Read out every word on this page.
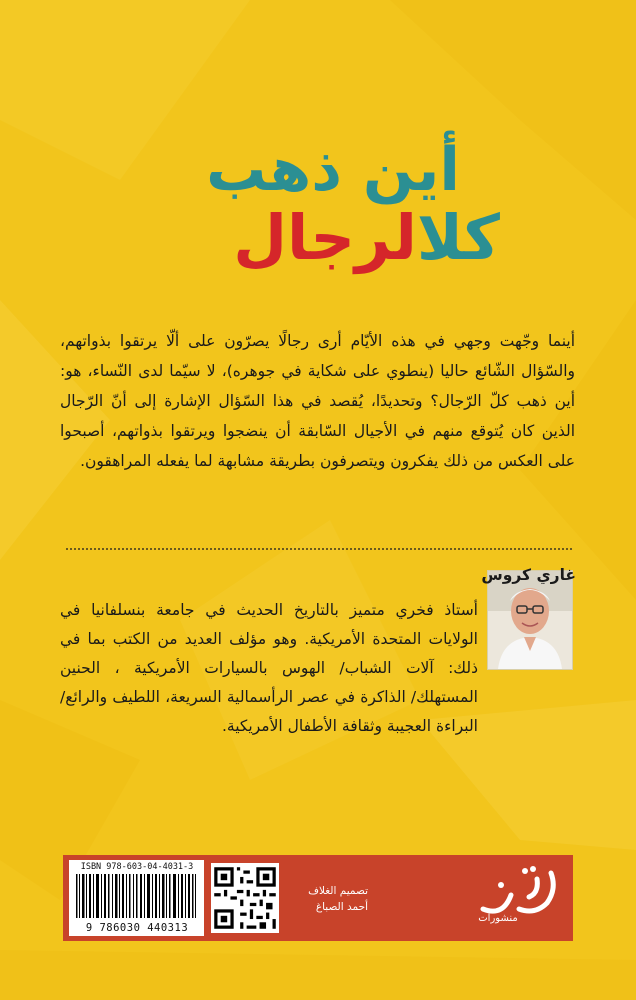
أين ذهب
كلالرجال
أينما وجّهت وجهي في هذه الأيّام أرى رجالًا يصرّون على ألّا يرتقوا بذواتهم، والسّؤال الشّائع حاليا (ينطوي على شكاية في جوهره)، لا سيّما لدى النّساء، هو: أين ذهب كلّ الرّجال؟ وتحديدًا، يُقصد في هذا السّؤال الإشارة إلى أنّ الرّجال الذين كان يُتوقع منهم في الأجيال السّابقة أن ينضجوا ويرتقوا بذواتهم، أصبحوا على العكس من ذلك يفكرون ويتصرفون بطريقة مشابهة لما يفعله المراهقون.
غاري كروس
أستاذ فخري متميز بالتاريخ الحديث في جامعة بنسلفانيا في الولايات المتحدة الأمريكية. وهو مؤلف العديد من الكتب بما في ذلك: آلات الشباب/ الهوس بالسيارات الأمريكية ، الحنين المستهلك/ الذاكرة في عصر الرأسمالية السريعة، اللطيف والرائع/ البراءة العجيبة وثقافة الأطفال الأمريكية.
ISBN 978-603-04-4031-3
9 786030 440313
تصميم الغلاف
أحمد الصباغ
منشورات
